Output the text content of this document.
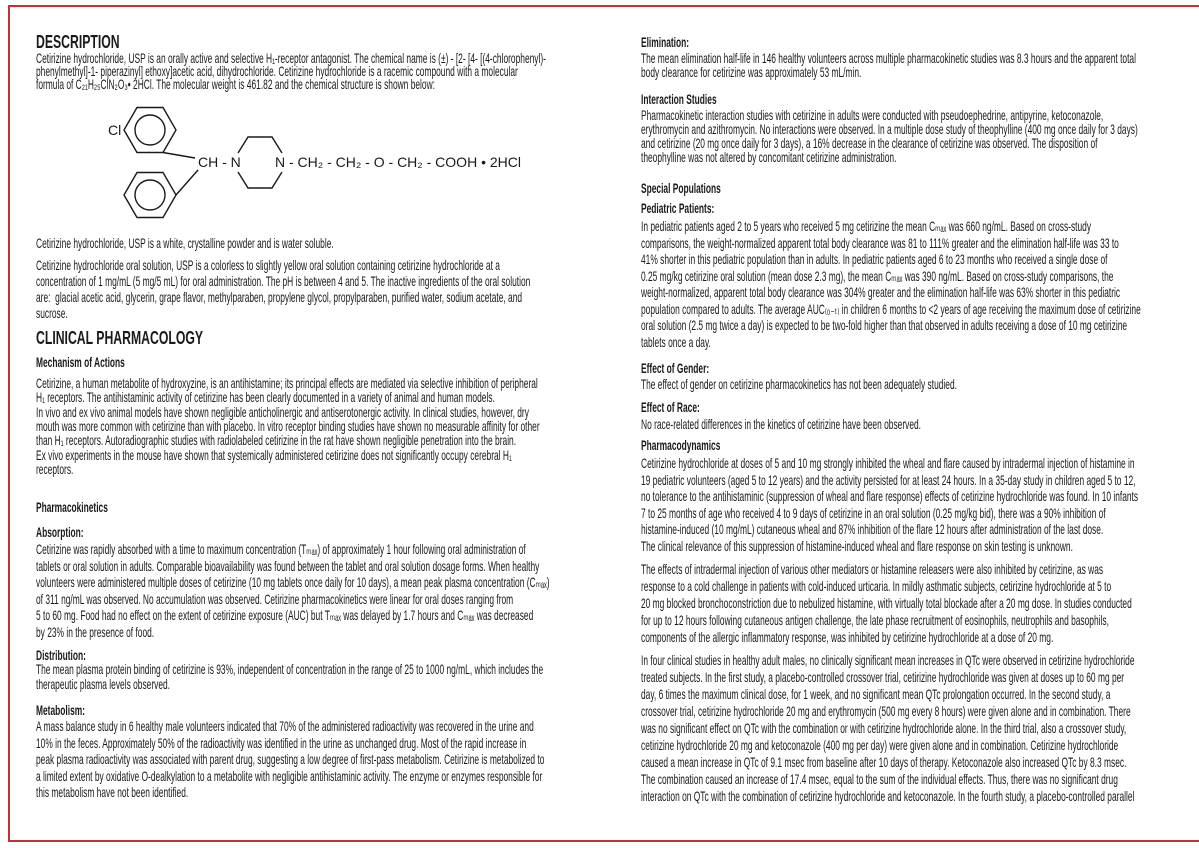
DESCRIPTION
Cetirizine hydrochloride, USP is an orally active and selective H₁-receptor antagonist. The chemical name is (±) - [2- [4- [(4-chlorophenyl)-
phenylmethyl]-1- piperazinyl] ethoxy]acetic acid, dihydrochloride. Cetirizine hydrochloride is a racemic compound with a molecular
formula of C₂₁H₂₅ClN₂O₃• 2HCl. The molecular weight is 461.82 and the chemical structure is shown below:
Cl
CH - N N - CH₂ - CH₂ - O - CH₂ - COOH • 2HCl
Cetirizine hydrochloride, USP is a white, crystalline powder and is water soluble.
Cetirizine hydrochloride oral solution, USP is a colorless to slightly yellow oral solution containing cetirizine hydrochloride at a
concentration of 1 mg/mL (5 mg/5 mL) for oral administration. The pH is between 4 and 5. The inactive ingredients of the oral solution
are:  glacial acetic acid, glycerin, grape flavor, methylparaben, propylene glycol, propylparaben, purified water, sodium acetate, and
sucrose.
CLINICAL PHARMACOLOGY
Mechanism of Actions
Cetirizine, a human metabolite of hydroxyzine, is an antihistamine; its principal effects are mediated via selective inhibition of peripheral
H₁ receptors. The antihistaminic activity of cetirizine has been clearly documented in a variety of animal and human models.
In vivo and ex vivo animal models have shown negligible anticholinergic and antiserotonergic activity. In clinical studies, however, dry
mouth was more common with cetirizine than with placebo. In vitro receptor binding studies have shown no measurable affinity for other
than H₁ receptors. Autoradiographic studies with radiolabeled cetirizine in the rat have shown negligible penetration into the brain.
Ex vivo experiments in the mouse have shown that systemically administered cetirizine does not significantly occupy cerebral H₁
receptors.
Pharmacokinetics
Absorption:
Cetirizine was rapidly absorbed with a time to maximum concentration (Tₘₐₓ) of approximately 1 hour following oral administration of
tablets or oral solution in adults. Comparable bioavailability was found between the tablet and oral solution dosage forms. When healthy
volunteers were administered multiple doses of cetirizine (10 mg tablets once daily for 10 days), a mean peak plasma concentration (Cₘₐₓ)
of 311 ng/mL was observed. No accumulation was observed. Cetirizine pharmacokinetics were linear for oral doses ranging from
5 to 60 mg. Food had no effect on the extent of cetirizine exposure (AUC) but Tₘₐₓ was delayed by 1.7 hours and Cₘₐₓ was decreased
by 23% in the presence of food.
Distribution:
The mean plasma protein binding of cetirizine is 93%, independent of concentration in the range of 25 to 1000 ng/mL, which includes the
therapeutic plasma levels observed.
Metabolism:
A mass balance study in 6 healthy male volunteers indicated that 70% of the administered radioactivity was recovered in the urine and
10% in the feces. Approximately 50% of the radioactivity was identified in the urine as unchanged drug. Most of the rapid increase in
peak plasma radioactivity was associated with parent drug, suggesting a low degree of first-pass metabolism. Cetirizine is metabolized to
a limited extent by oxidative O-dealkylation to a metabolite with negligible antihistaminic activity. The enzyme or enzymes responsible for
this metabolism have not been identified.
Elimination:
The mean elimination half-life in 146 healthy volunteers across multiple pharmacokinetic studies was 8.3 hours and the apparent total
body clearance for cetirizine was approximately 53 mL/min.
Interaction Studies
Pharmacokinetic interaction studies with cetirizine in adults were conducted with pseudoephedrine, antipyrine, ketoconazole,
erythromycin and azithromycin. No interactions were observed. In a multiple dose study of theophylline (400 mg once daily for 3 days)
and cetirizine (20 mg once daily for 3 days), a 16% decrease in the clearance of cetirizine was observed. The disposition of
theophylline was not altered by concomitant cetirizine administration.
Special Populations
Pediatric Patients:
In pediatric patients aged 2 to 5 years who received 5 mg cetirizine the mean Cₘₐₓ was 660 ng/mL. Based on cross-study
comparisons, the weight-normalized apparent total body clearance was 81 to 111% greater and the elimination half-life was 33 to
41% shorter in this pediatric population than in adults. In pediatric patients aged 6 to 23 months who received a single dose of
0.25 mg/kg cetirizine oral solution (mean dose 2.3 mg), the mean Cₘₐₓ was 390 ng/mL. Based on cross-study comparisons, the
weight-normalized, apparent total body clearance was 304% greater and the elimination half-life was 63% shorter in this pediatric
population compared to adults. The average AUC₍₀₋ₜ₎ in children 6 months to <2 years of age receiving the maximum dose of cetirizine
oral solution (2.5 mg twice a day) is expected to be two-fold higher than that observed in adults receiving a dose of 10 mg cetirizine
tablets once a day.
Effect of Gender:
The effect of gender on cetirizine pharmacokinetics has not been adequately studied.
Effect of Race:
No race-related differences in the kinetics of cetirizine have been observed.
Pharmacodynamics
Cetirizine hydrochloride at doses of 5 and 10 mg strongly inhibited the wheal and flare caused by intradermal injection of histamine in
19 pediatric volunteers (aged 5 to 12 years) and the activity persisted for at least 24 hours. In a 35-day study in children aged 5 to 12,
no tolerance to the antihistaminic (suppression of wheal and flare response) effects of cetirizine hydrochloride was found. In 10 infants
7 to 25 months of age who received 4 to 9 days of cetirizine in an oral solution (0.25 mg/kg bid), there was a 90% inhibition of
histamine-induced (10 mg/mL) cutaneous wheal and 87% inhibition of the flare 12 hours after administration of the last dose.
The clinical relevance of this suppression of histamine-induced wheal and flare response on skin testing is unknown.
The effects of intradermal injection of various other mediators or histamine releasers were also inhibited by cetirizine, as was
response to a cold challenge in patients with cold-induced urticaria. In mildly asthmatic subjects, cetirizine hydrochloride at 5 to
20 mg blocked bronchoconstriction due to nebulized histamine, with virtually total blockade after a 20 mg dose. In studies conducted
for up to 12 hours following cutaneous antigen challenge, the late phase recruitment of eosinophils, neutrophils and basophils,
components of the allergic inflammatory response, was inhibited by cetirizine hydrochloride at a dose of 20 mg.
In four clinical studies in healthy adult males, no clinically significant mean increases in QTc were observed in cetirizine hydrochloride
treated subjects. In the first study, a placebo-controlled crossover trial, cetirizine hydrochloride was given at doses up to 60 mg per
day, 6 times the maximum clinical dose, for 1 week, and no significant mean QTc prolongation occurred. In the second study, a
crossover trial, cetirizine hydrochloride 20 mg and erythromycin (500 mg every 8 hours) were given alone and in combination. There
was no significant effect on QTc with the combination or with cetirizine hydrochloride alone. In the third trial, also a crossover study,
cetirizine hydrochloride 20 mg and ketoconazole (400 mg per day) were given alone and in combination. Cetirizine hydrochloride
caused a mean increase in QTc of 9.1 msec from baseline after 10 days of therapy. Ketoconazole also increased QTc by 8.3 msec.
The combination caused an increase of 17.4 msec, equal to the sum of the individual effects. Thus, there was no significant drug
interaction on QTc with the combination of cetirizine hydrochloride and ketoconazole. In the fourth study, a placebo-controlled parallel
